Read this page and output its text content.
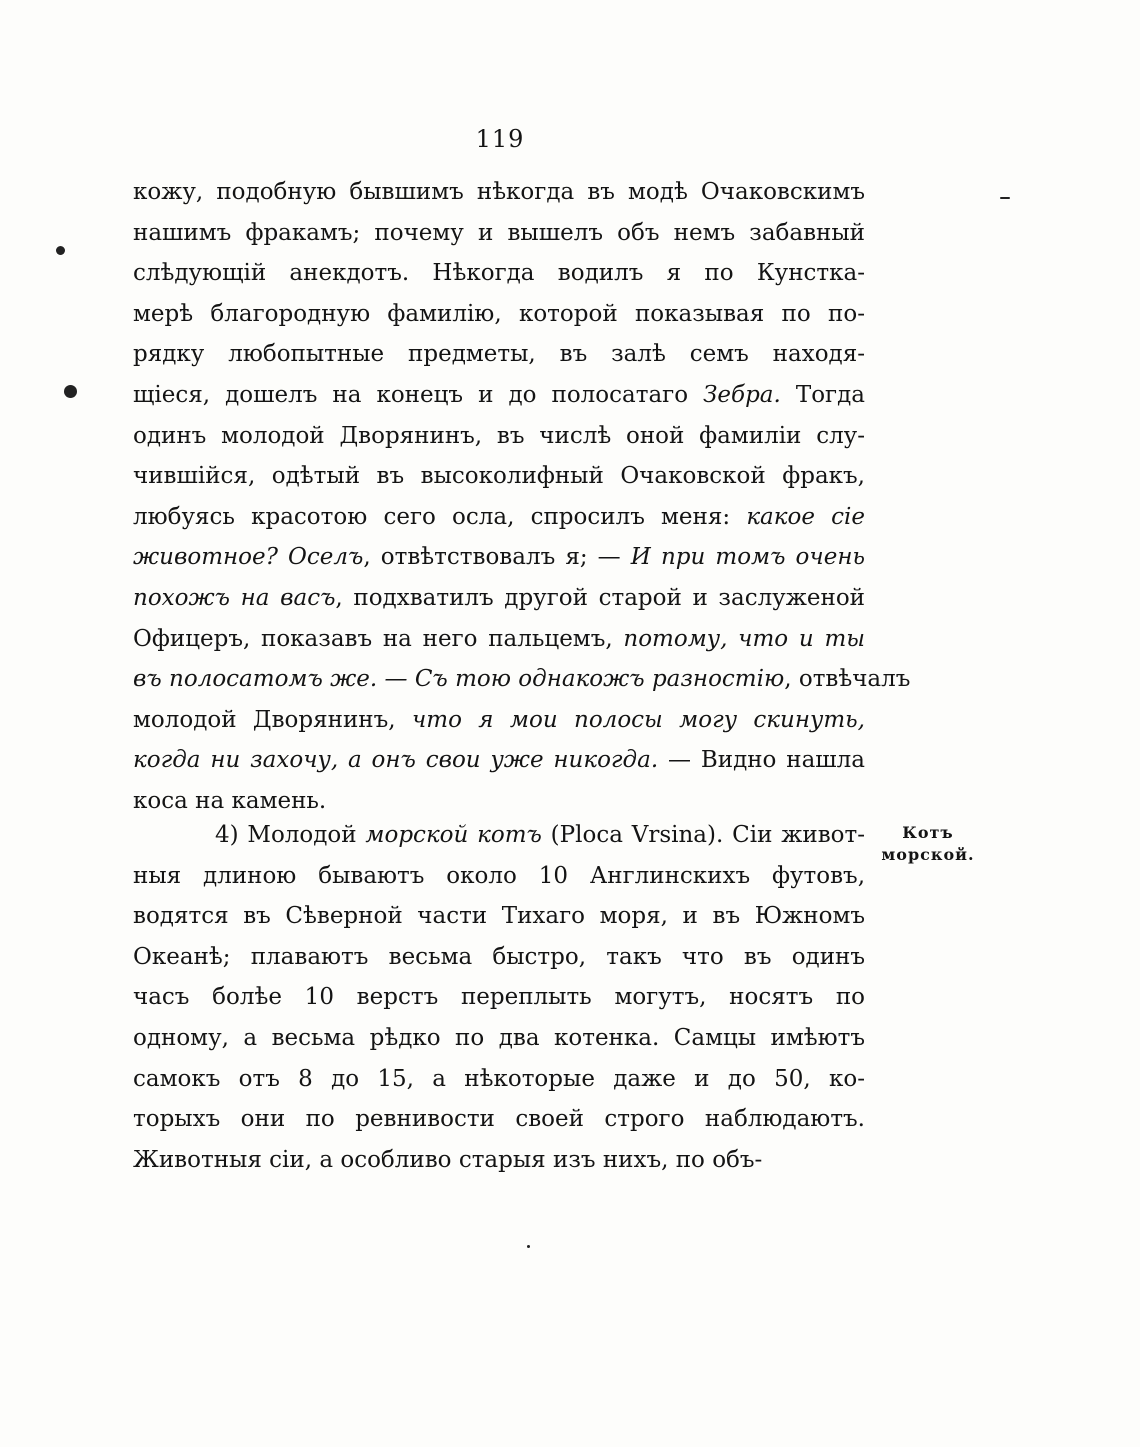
119
кожу, подобную бывшимъ нѣкогда въ модѣ Очаковскимъ
нашимъ фракамъ; почему и вышелъ объ немъ забавный
слѣдующій анекдотъ. Нѣкогда водилъ я по Кунстка-
мерѣ благородную фамилію, которой показывая по по-
рядку любопытные предметы, въ залѣ семъ находя-
щіеся, дошелъ на конецъ и до полосатаго Зебра. Тогда
одинъ молодой Дворянинъ, въ числѣ оной фамиліи слу-
чившійся, одѣтый въ высоколифный Очаковской фракъ,
любуясь красотою сего осла, спросилъ меня: какое сіе
животное? Оселъ, отвѣтствовалъ я; — И при томъ очень
похожъ на васъ, подхватилъ другой старой и заслуженой
Офицеръ, показавъ на него пальцемъ, потому, что и ты
въ полосатомъ же. — Съ тою однакожъ разностію, отвѣчалъ
молодой Дворянинъ, что я мои полосы могу скинуть,
когда ни захочу, а онъ свои уже никогда. — Видно нашла
коса на камень.
Котъ
морской.
4) Молодой морской котъ (Ploca Vrsina). Сіи живот-
ныя длиною бываютъ около 10 Англинскихъ футовъ,
водятся въ Сѣверной части Тихаго моря, и въ Южномъ
Океанѣ; плаваютъ весьма быстро, такъ что въ одинъ
часъ болѣе 10 верстъ переплыть могутъ, носятъ по
одному, а весьма рѣдко по два котенка. Самцы имѣютъ
самокъ отъ 8 до 15, а нѣкоторые даже и до 50, ко-
торыхъ они по ревнивости своей строго наблюдаютъ.
Животныя сіи, а особливо старыя изъ нихъ, по объ-
